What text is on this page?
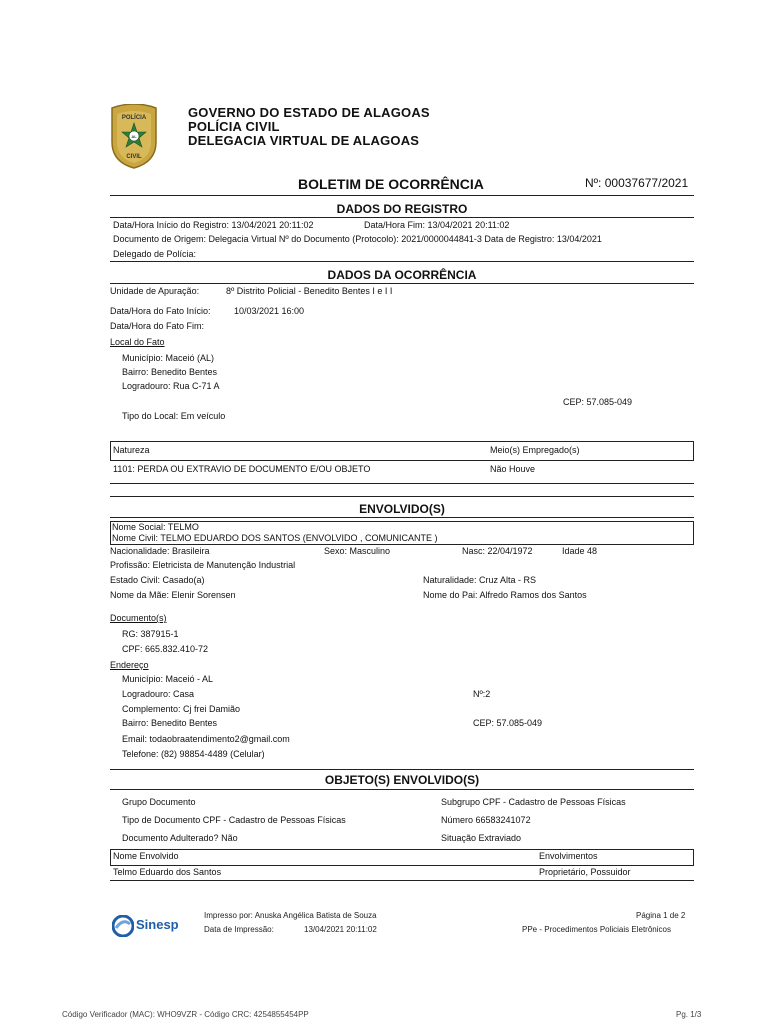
POLÍCIA
CIVIL
AL
GOVERNO DO ESTADO DE ALAGOAS
POLÍCIA CIVIL
DELEGACIA VIRTUAL DE ALAGOAS
BOLETIM DE OCORRÊNCIA	Nº: 00037677/2021
DADOS DO REGISTRO
Data/Hora Início do Registro: 13/04/2021 20:11:02	Data/Hora Fim: 13/04/2021 20:11:02
Documento de Origem: Delegacia Virtual Nº do Documento (Protocolo): 2021/0000044841-3 Data de Registro: 13/04/2021
Delegado de Polícia:
DADOS DA OCORRÊNCIA
Unidade de Apuração:	8º Distrito Policial - Benedito Bentes I e I I
Data/Hora do Fato Início:	10/03/2021 16:00
Data/Hora do Fato Fim:
Local do Fato
Município: Maceió (AL)
Bairro: Benedito Bentes
Logradouro: Rua C-71 A
CEP: 57.085-049
Tipo do Local: Em veículo
Natureza	Meio(s) Empregado(s)
1101: PERDA OU EXTRAVIO DE DOCUMENTO E/OU OBJETO	Não Houve
ENVOLVIDO(S)
Nome Social: TELMO
Nome Civil: TELMO EDUARDO DOS SANTOS (ENVOLVIDO , COMUNICANTE )
Nacionalidade: Brasileira	Sexo: Masculino	Nasc: 22/04/1972	Idade 48
Profissão: Eletricista de Manutenção Industrial
Estado Civil: Casado(a)	Naturalidade: Cruz Alta - RS
Nome da Mãe: Elenir Sorensen	Nome do Pai: Alfredo Ramos dos Santos
Documento(s)
RG: 387915-1
CPF: 665.832.410-72
Endereço
Município: Maceió - AL
Logradouro: Casa	Nº:2
Complemento: Cj frei Damião
Bairro: Benedito Bentes	CEP: 57.085-049
Email: todaobraatendimento2@gmail.com
Telefone: (82) 98854-4489 (Celular)
OBJETO(S) ENVOLVIDO(S)
Grupo Documento	Subgrupo CPF - Cadastro de Pessoas Físicas
Tipo de Documento CPF - Cadastro de Pessoas Físicas	Número 66583241072
Documento Adulterado? Não	Situação Extraviado
Nome Envolvido	Envolvimentos
Telmo Eduardo dos Santos	Proprietário, Possuidor
Sinesp
Impresso por: Anuska Angélica Batista de Souza
Data de Impressão:	13/04/2021 20:11:02
Página 1 de 2
PPe - Procedimentos Policiais Eletrônicos
Código Verificador (MAC): WHO9VZR - Código CRC: 4254855454PP	Pg. 1/3
